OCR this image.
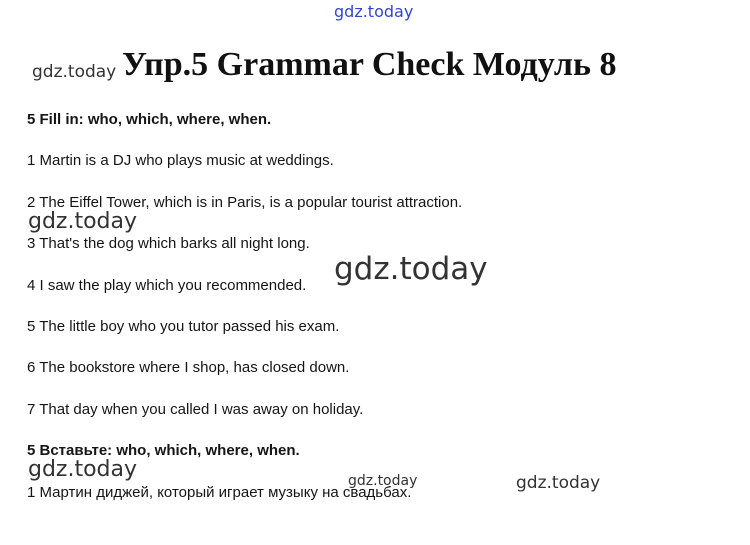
Упр.5 Grammar Check Модуль 8
5 Fill in: who, which, where, when.
1 Martin is a DJ who plays music at weddings.
2 The Eiffel Tower, which is in Paris, is a popular tourist attraction.
3 That's the dog which barks all night long.
4 I saw the play which you recommended.
5 The little boy who you tutor passed his exam.
6 The bookstore where I shop, has closed down.
7 That day when you called I was away on holiday.
5 Вставьте: who, which, where, when.
1 Мартин диджей, который играет музыку на свадьбах.
gdz.today
gdz.today
gdz.today
gdz.today
gdz.today	gdz.today	gdz.today
